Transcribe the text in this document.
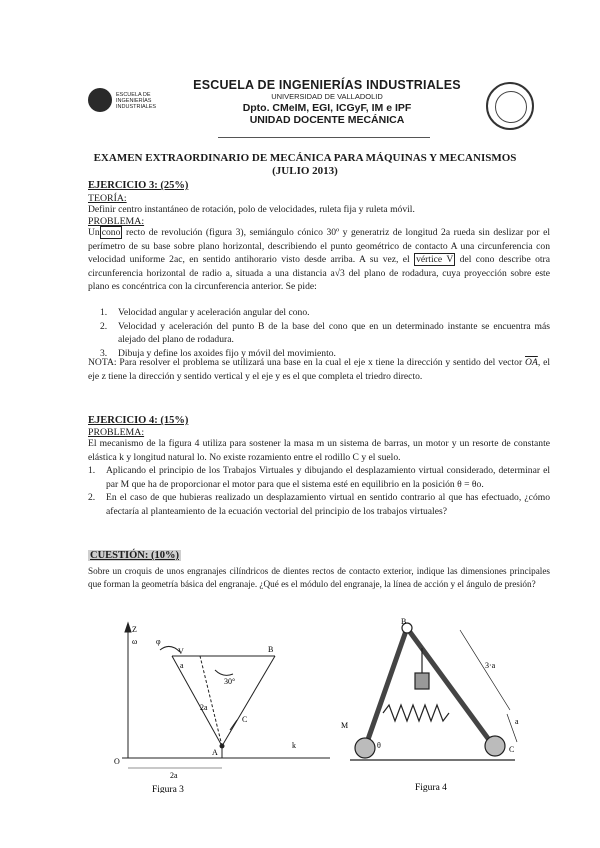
ESCUELA DE INGENIERÍAS INDUSTRIALES
ESCUELA DE INGENIERÍAS INDUSTRIALES
UNIVERSIDAD DE VALLADOLID
Dpto. CMeIM, EGI, ICGyF, IM e IPF
UNIDAD DOCENTE MECÁNICA
EXAMEN EXTRAORDINARIO DE MECÁNICA PARA MÁQUINAS Y MECANISMOS
(JULIO 2013)
EJERCICIO 3: (25%)
TEORÍA:
Definir centro instantáneo de rotación, polo de velocidades, ruleta fija y ruleta móvil.
PROBLEMA:
Un cono recto de revolución (figura 3), semiángulo cónico 30º y generatriz de longitud 2a rueda sin deslizar por el perímetro de su base sobre plano horizontal, describiendo el punto geométrico de contacto A una circunferencia con velocidad uniforme 2ac, en sentido antihorario visto desde arriba. A su vez, el vértice V del cono describe otra circunferencia horizontal de radio a, situada a una distancia a√3 del plano de rodadura, cuya proyección sobre este plano es concéntrica con la circunferencia anterior. Se pide:
1. Velocidad angular y aceleración angular del cono.
2. Velocidad y aceleración del punto B de la base del cono que en un determinado instante se encuentra más alejado del plano de rodadura.
3. Dibuja y define los axoides fijo y móvil del movimiento.
NOTA: Para resolver el problema se utilizará una base en la cual el eje x tiene la dirección y sentido del vector $\overline{OA}$, el eje z tiene la dirección y sentido vertical y el eje y es el que completa el triedro directo.
EJERCICIO 4: (15%)
PROBLEMA:
El mecanismo de la figura 4 utiliza para sostener la masa m un sistema de barras, un motor y un resorte de constante elástica k y longitud natural lo. No existe rozamiento entre el rodillo C y el suelo.
1. Aplicando el principio de los Trabajos Virtuales y dibujando el desplazamiento virtual considerado, determinar el par M que ha de proporcionar el motor para que el sistema esté en equilibrio en la posición θ = θo.
2. En el caso de que hubieras realizado un desplazamiento virtual en sentido contrario al que has efectuado, ¿cómo afectaría al planteamiento de la ecuación vectorial del principio de los trabajos virtuales?
CUESTIÓN: (10%)
Sobre un croquis de unos engranajes cilíndricos de dientes rectos de contacto exterior, indique las dimensiones principales que forman la geometría básica del engranaje. ¿Qué es el módulo del engranaje, la línea de acción y el ángulo de presión?
Z
ω φ
V	B
a
30°
2a
C
A
k
O
2a
Figura 3
B
3·a
M	a
C
θ
Figura 4
